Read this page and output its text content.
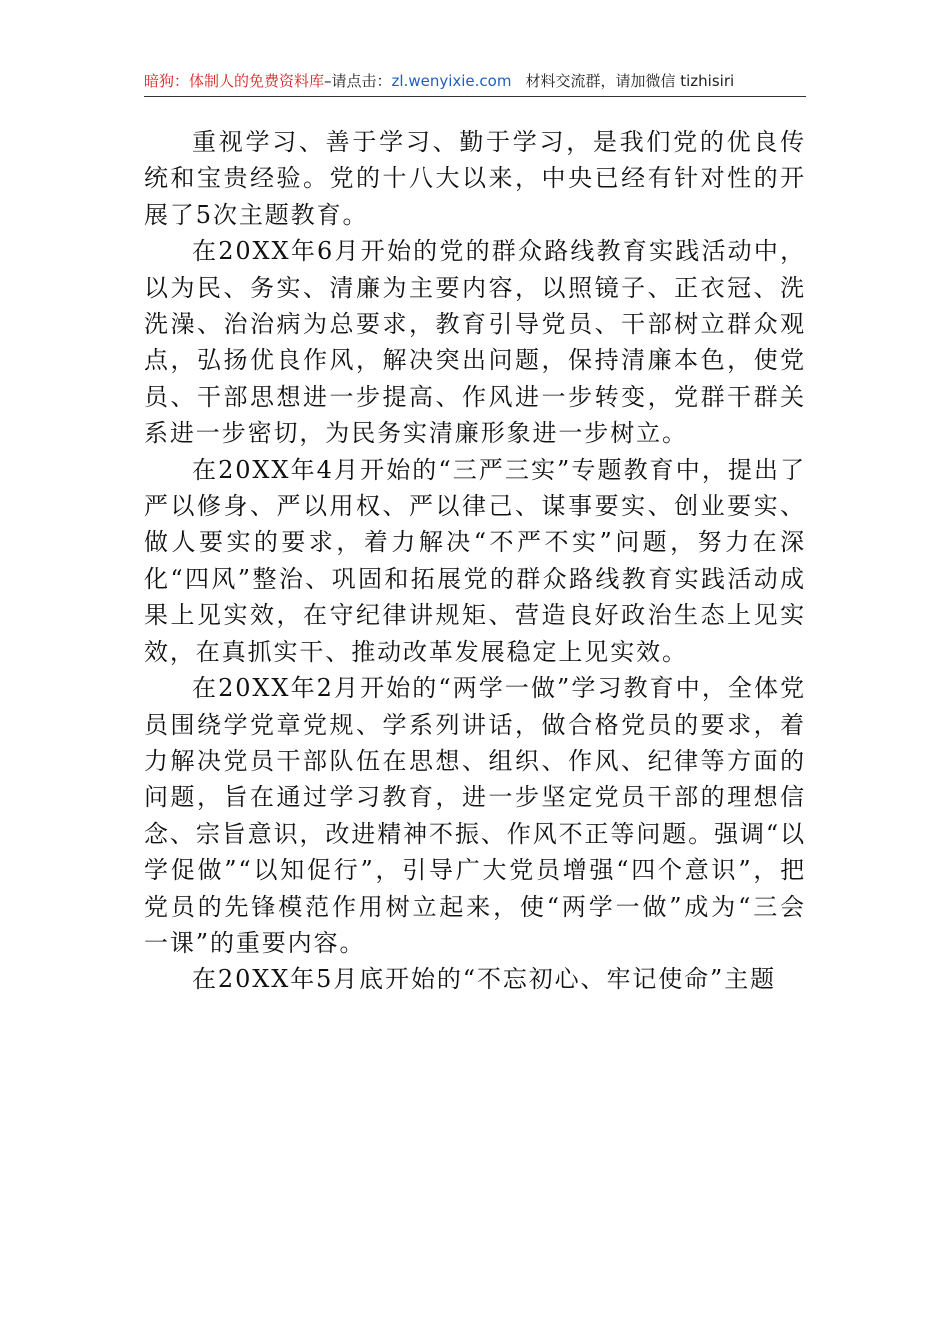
暗狗：体制人的免费资料库–请点击：zl.wenyixie.com 材料交流群，请加微信 tizhisiri

重视学习、善于学习、勤于学习，是我们党的优良传统和宝贵经验。党的十八大以来，中央已经有针对性的开展了5次主题教育。

在20XX年6月开始的党的群众路线教育实践活动中，以为民、务实、清廉为主要内容，以照镜子、正衣冠、洗洗澡、治治病为总要求，教育引导党员、干部树立群众观点，弘扬优良作风，解决突出问题，保持清廉本色，使党员、干部思想进一步提高、作风进一步转变，党群干群关系进一步密切，为民务实清廉形象进一步树立。

在20XX年4月开始的“三严三实”专题教育中，提出了严以修身、严以用权、严以律己、谋事要实、创业要实、做人要实的要求，着力解决“不严不实”问题，努力在深化“四风”整治、巩固和拓展党的群众路线教育实践活动成果上见实效，在守纪律讲规矩、营造良好政治生态上见实效，在真抓实干、推动改革发展稳定上见实效。

在20XX年2月开始的“两学一做”学习教育中，全体党员围绕学党章党规、学系列讲话，做合格党员的要求，着力解决党员干部队伍在思想、组织、作风、纪律等方面的问题，旨在通过学习教育，进一步坚定党员干部的理想信念、宗旨意识，改进精神不振、作风不正等问题。强调“以学促做”“以知促行”，引导广大党员增强“四个意识”，把党员的先锋模范作用树立起来，使“两学一做”成为“三会一课”的重要内容。

在20XX年5月底开始的“不忘初心、牢记使命”主题
